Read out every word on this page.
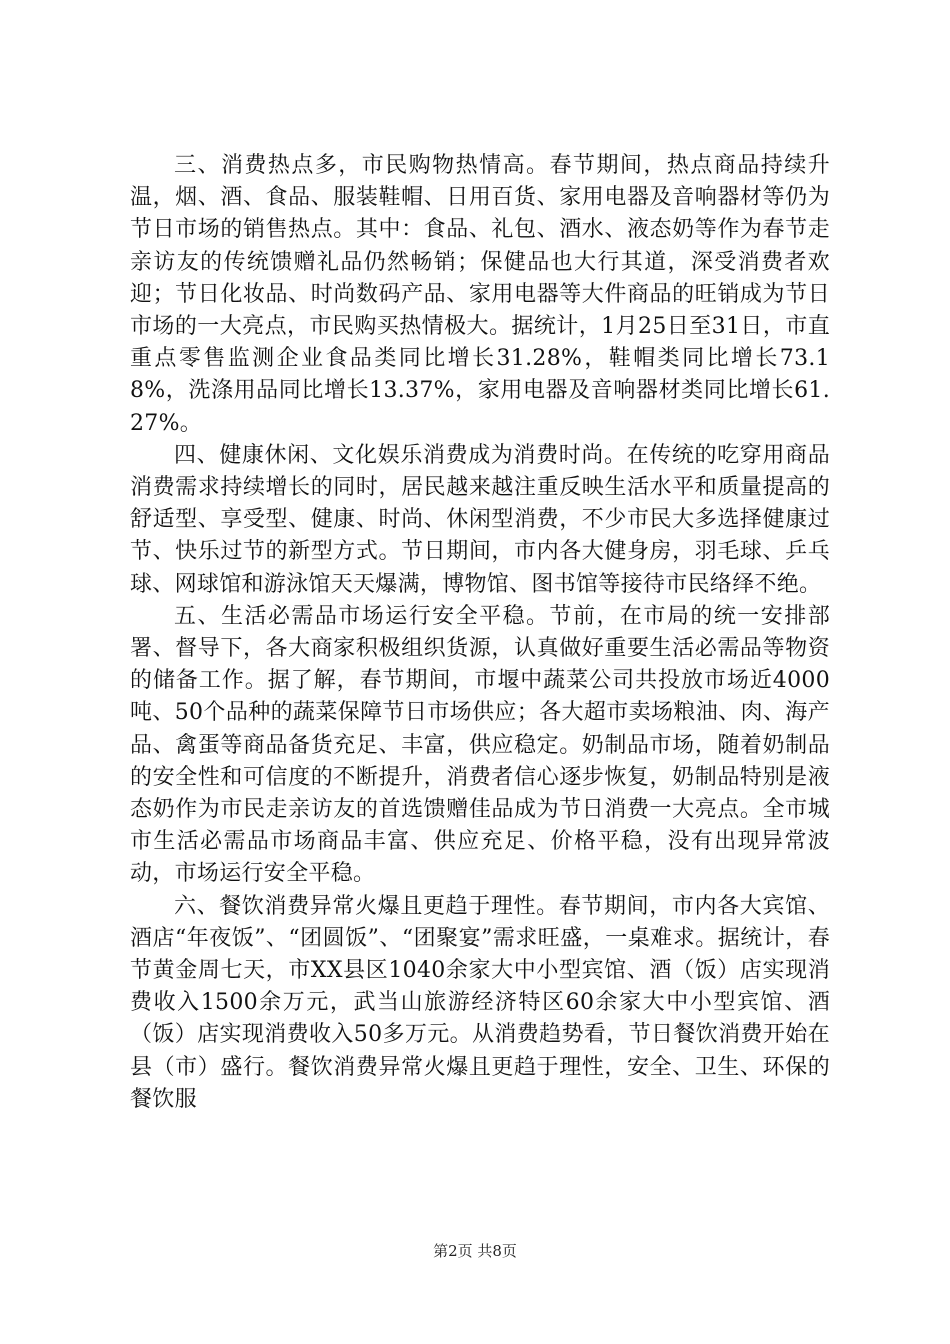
三、消费热点多，市民购物热情高。春节期间，热点商品持续升温，烟、酒、食品、服装鞋帽、日用百货、家用电器及音响器材等仍为节日市场的销售热点。其中：食品、礼包、酒水、液态奶等作为春节走亲访友的传统馈赠礼品仍然畅销；保健品也大行其道，深受消费者欢迎；节日化妆品、时尚数码产品、家用电器等大件商品的旺销成为节日市场的一大亮点，市民购买热情极大。据统计，1月25日至31日，市直重点零售监测企业食品类同比增长31.28%，鞋帽类同比增长73.18%，洗涤用品同比增长13.37%，家用电器及音响器材类同比增长61.27%。

四、健康休闲、文化娱乐消费成为消费时尚。在传统的吃穿用商品消费需求持续增长的同时，居民越来越注重反映生活水平和质量提高的舒适型、享受型、健康、时尚、休闲型消费，不少市民大多选择健康过节、快乐过节的新型方式。节日期间，市内各大健身房，羽毛球、乒乓球、网球馆和游泳馆天天爆满，博物馆、图书馆等接待市民络绎不绝。

五、生活必需品市场运行安全平稳。节前，在市局的统一安排部署、督导下，各大商家积极组织货源，认真做好重要生活必需品等物资的储备工作。据了解，春节期间，市堰中蔬菜公司共投放市场近4000吨、50个品种的蔬菜保障节日市场供应；各大超市卖场粮油、肉、海产品、禽蛋等商品备货充足、丰富，供应稳定。奶制品市场，随着奶制品的安全性和可信度的不断提升，消费者信心逐步恢复，奶制品特别是液态奶作为市民走亲访友的首选馈赠佳品成为节日消费一大亮点。全市城市生活必需品市场商品丰富、供应充足、价格平稳，没有出现异常波动，市场运行安全平稳。

六、餐饮消费异常火爆且更趋于理性。春节期间，市内各大宾馆、酒店“年夜饭”、“团圆饭”、“团聚宴”需求旺盛，一桌难求。据统计，春节黄金周七天，市XX县区1040余家大中小型宾馆、酒（饭）店实现消费收入1500余万元，武当山旅游经济特区60余家大中小型宾馆、酒（饭）店实现消费收入50多万元。从消费趋势看，节日餐饮消费开始在县（市）盛行。餐饮消费异常火爆且更趋于理性，安全、卫生、环保的餐饮服

第2页 共8页
